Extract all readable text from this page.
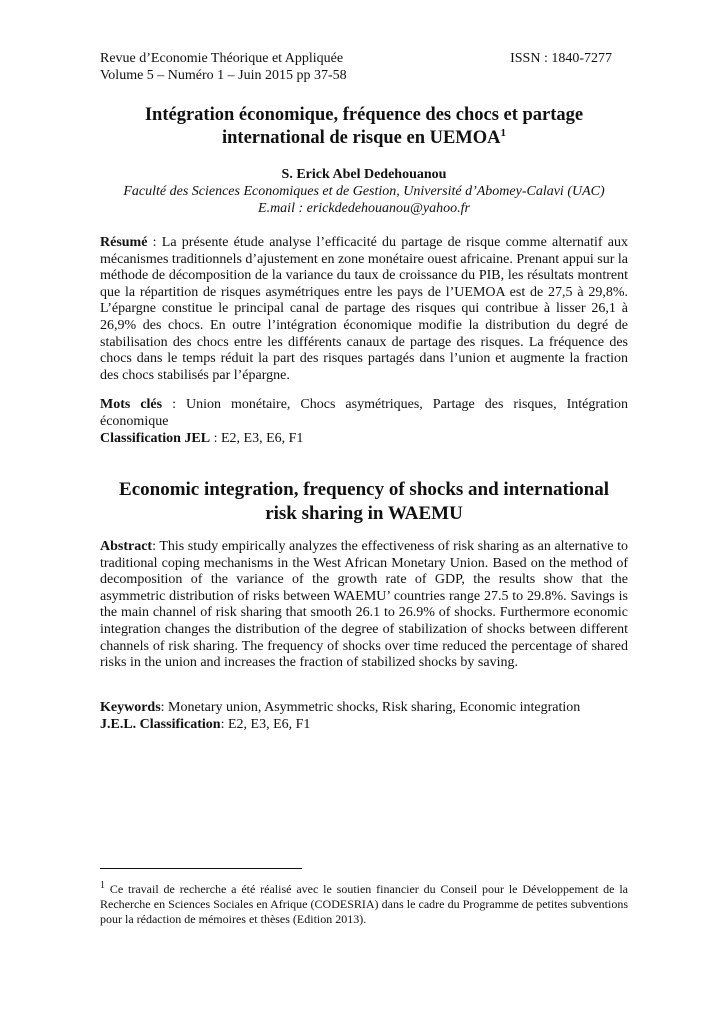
Revue d’Economie Théorique et Appliquée	ISSN : 1840-7277
Volume 5 – Numéro 1 – Juin 2015 pp 37-58
Intégration économique, fréquence des chocs et partage
international de risque en UEMOA$^1$
S. Erick Abel Dedehouanou
Faculté des Sciences Economiques et de Gestion, Université d’Abomey-Calavi (UAC)
E.mail : erickdedehouanou@yahoo.fr
Résumé : La présente étude analyse l’efficacité du partage de risque comme alternatif aux mécanismes traditionnels d’ajustement en zone monétaire ouest africaine. Prenant appui sur la méthode de décomposition de la variance du taux de croissance du PIB, les résultats montrent que la répartition de risques asymétriques entre les pays de l’UEMOA est de 27,5 à 29,8%. L’épargne constitue le principal canal de partage des risques qui contribue à lisser 26,1 à 26,9% des chocs. En outre l’intégration économique modifie la distribution du degré de stabilisation des chocs entre les différents canaux de partage des risques. La fréquence des chocs dans le temps réduit la part des risques partagés dans l’union et augmente la fraction des chocs stabilisés par l’épargne.
Mots clés : Union monétaire, Chocs asymétriques, Partage des risques, Intégration économique
Classification JEL : E2, E3, E6, F1
Economic integration, frequency of shocks and international
risk sharing in WAEMU
Abstract: This study empirically analyzes the effectiveness of risk sharing as an alternative to traditional coping mechanisms in the West African Monetary Union. Based on the method of decomposition of the variance of the growth rate of GDP, the results show that the asymmetric distribution of risks between WAEMU’ countries range 27.5 to 29.8%. Savings is the main channel of risk sharing that smooth 26.1 to 26.9% of shocks. Furthermore economic integration changes the distribution of the degree of stabilization of shocks between different channels of risk sharing. The frequency of shocks over time reduced the percentage of shared risks in the union and increases the fraction of stabilized shocks by saving.
Keywords: Monetary union, Asymmetric shocks, Risk sharing, Economic integration
J.E.L. Classification: E2, E3, E6, F1
$^1$ Ce travail de recherche a été réalisé avec le soutien financier du Conseil pour le Développement de la Recherche en Sciences Sociales en Afrique (CODESRIA) dans le cadre du Programme de petites subventions pour la rédaction de mémoires et thèses (Edition 2013).
